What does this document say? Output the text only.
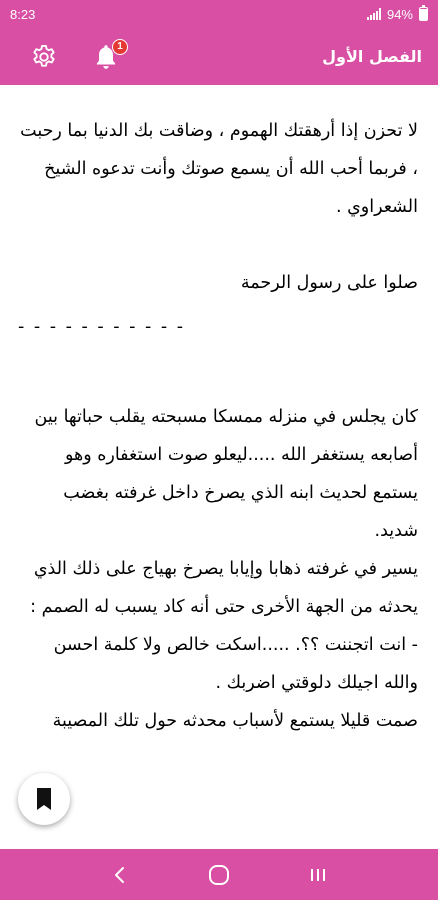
8:23	94%
1
الفصل الأول

لا تحزن إذا أرهقتك الهموم ، وضاقت بك الدنيا بما رحبت ، فربما أحب الله أن يسمع صوتك وأنت تدعوه الشيخ الشعراوي .

صلوا على رسول الرحمة

- - - - - - - - - - -

كان يجلس في منزله ممسكا مسبحته يقلب حباتها بين أصابعه يستغفر الله .....ليعلو صوت استغفاره وهو يستمع لحديث ابنه الذي يصرخ داخل غرفته بغضب شديد.

يسير في غرفته ذهابا وإيابا يصرخ بهياج على ذلك الذي يحدثه من الجهة الأخرى حتى أنه كاد يسبب له الصمم :

- انت اتجننت ؟؟. .....اسكت خالص ولا كلمة احسن والله اجيلك دلوقتي اضربك .

صمت قليلا يستمع لأسباب محدثه حول تلك المصيبة
